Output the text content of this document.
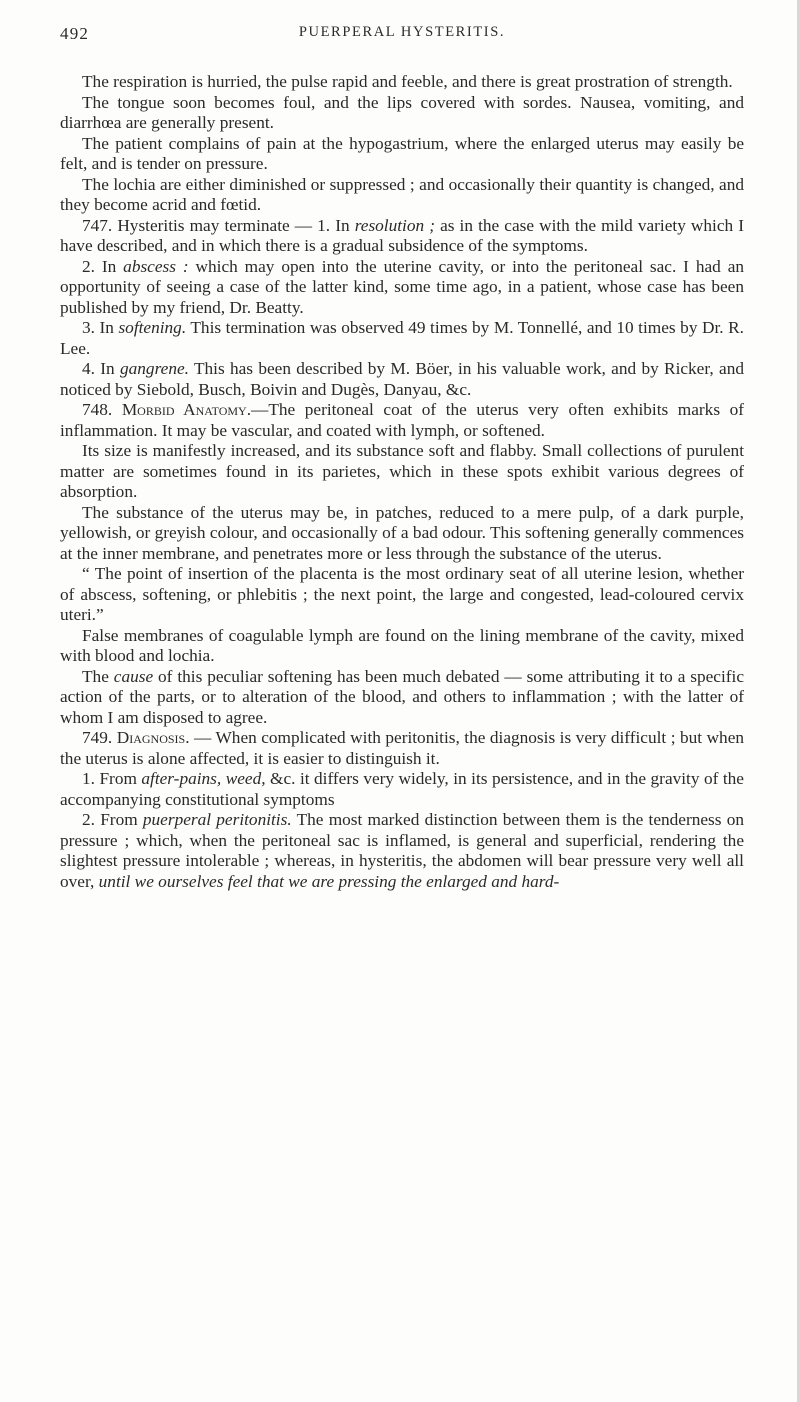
492	PUERPERAL HYSTERITIS.

The respiration is hurried, the pulse rapid and feeble, and there is great prostration of strength.

The tongue soon becomes foul, and the lips covered with sordes. Nausea, vomiting, and diarrhœa are generally present.

The patient complains of pain at the hypogastrium, where the enlarged uterus may easily be felt, and is tender on pressure.

The lochia are either diminished or suppressed ; and occasionally their quantity is changed, and they become acrid and fœtid.

747. Hysteritis may terminate — 1. In resolution ; as in the case with the mild variety which I have described, and in which there is a gradual subsidence of the symptoms.

2. In abscess : which may open into the uterine cavity, or into the peritoneal sac. I had an opportunity of seeing a case of the latter kind, some time ago, in a patient, whose case has been published by my friend, Dr. Beatty.

3. In softening. This termination was observed 49 times by M. Tonnellé, and 10 times by Dr. R. Lee.

4. In gangrene. This has been described by M. Böer, in his valuable work, and by Ricker, and noticed by Siebold, Busch, Boivin and Dugès, Danyau, &c.

748. Morbid Anatomy.—The peritoneal coat of the uterus very often exhibits marks of inflammation. It may be vascular, and coated with lymph, or softened.

Its size is manifestly increased, and its substance soft and flabby. Small collections of purulent matter are sometimes found in its parietes, which in these spots exhibit various degrees of absorption.

The substance of the uterus may be, in patches, reduced to a mere pulp, of a dark purple, yellowish, or greyish colour, and occasionally of a bad odour. This softening generally commences at the inner membrane, and penetrates more or less through the substance of the uterus.

“ The point of insertion of the placenta is the most ordinary seat of all uterine lesion, whether of abscess, softening, or phlebitis ; the next point, the large and congested, lead-coloured cervix uteri.”

False membranes of coagulable lymph are found on the lining membrane of the cavity, mixed with blood and lochia.

The cause of this peculiar softening has been much debated — some attributing it to a specific action of the parts, or to alteration of the blood, and others to inflammation ; with the latter of whom I am disposed to agree.

749. Diagnosis. — When complicated with peritonitis, the diagnosis is very difficult ; but when the uterus is alone affected, it is easier to distinguish it.

1. From after-pains, weed, &c. it differs very widely, in its persistence, and in the gravity of the accompanying constitutional symptoms

2. From puerperal peritonitis. The most marked distinction between them is the tenderness on pressure ; which, when the peritoneal sac is inflamed, is general and superficial, rendering the slightest pressure intolerable ; whereas, in hysteritis, the abdomen will bear pressure very well all over, until we ourselves feel that we are pressing the enlarged and hard-
